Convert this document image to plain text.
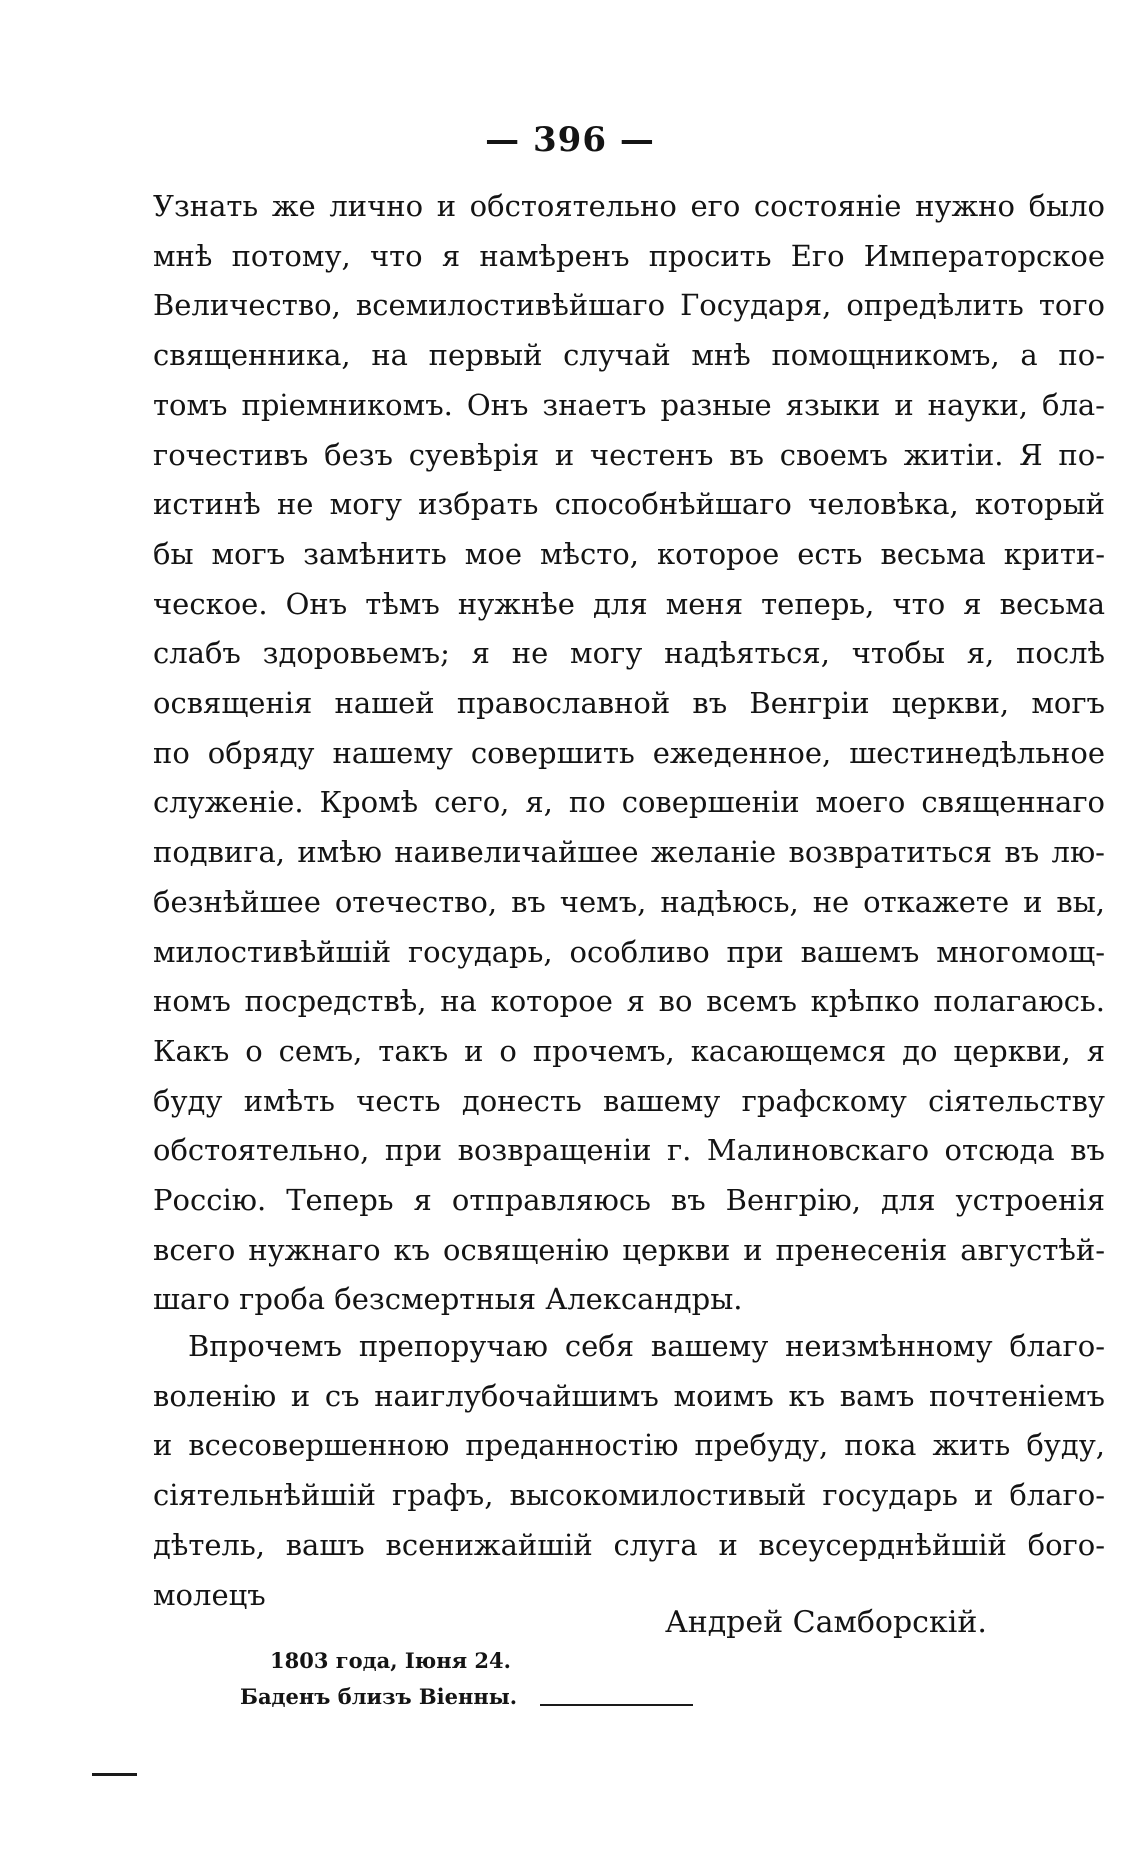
— 396 —
Узнать же лично и обстоятельно его состояніе нужно было
мнѣ потому, что я намѣренъ просить Его Императорское
Величество, всемилостивѣйшаго Государя, опредѣлить того
священника, на первый случай мнѣ помощникомъ, а по-
томъ пріемникомъ. Онъ знаетъ разные языки и науки, бла-
гочестивъ безъ суевѣрія и честенъ въ своемъ житіи. Я по-
истинѣ не могу избрать способнѣйшаго человѣка, который
бы могъ замѣнить мое мѣсто, которое есть весьма крити-
ческое. Онъ тѣмъ нужнѣе для меня теперь, что я весьма
слабъ здоровьемъ; я не могу надѣяться, чтобы я, послѣ
освященія нашей православной въ Венгріи церкви, могъ
по обряду нашему совершить ежеденное, шестинедѣльное
служеніе. Кромѣ сего, я, по совершеніи моего священнаго
подвига, имѣю наивеличайшее желаніе возвратиться въ лю-
безнѣйшее отечество, въ чемъ, надѣюсь, не откажете и вы,
милостивѣйшій государь, особливо при вашемъ многомощ-
номъ посредствѣ, на которое я во всемъ крѣпко полагаюсь.
Какъ о семъ, такъ и о прочемъ, касающемся до церкви, я
буду имѣть честь донесть вашему графскому сіятельству
обстоятельно, при возвращеніи г. Малиновскаго отсюда въ
Россію. Теперь я отправляюсь въ Венгрію, для устроенія
всего нужнаго къ освященію церкви и пренесенія августѣй-
шаго гроба безсмертныя Александры.
Впрочемъ препоручаю себя вашему неизмѣнному благо-
воленію и съ наиглубочайшимъ моимъ къ вамъ почтеніемъ
и всесовершенною преданностію пребуду, пока жить буду,
сіятельнѣйшій графъ, высокомилостивый государь и благо-
дѣтель, вашъ всенижайшій слуга и всеусерднѣйшій бого-
молецъ
Андрей Самборскій.
1803 года, Іюня 24.
Баденъ близъ Віенны.
